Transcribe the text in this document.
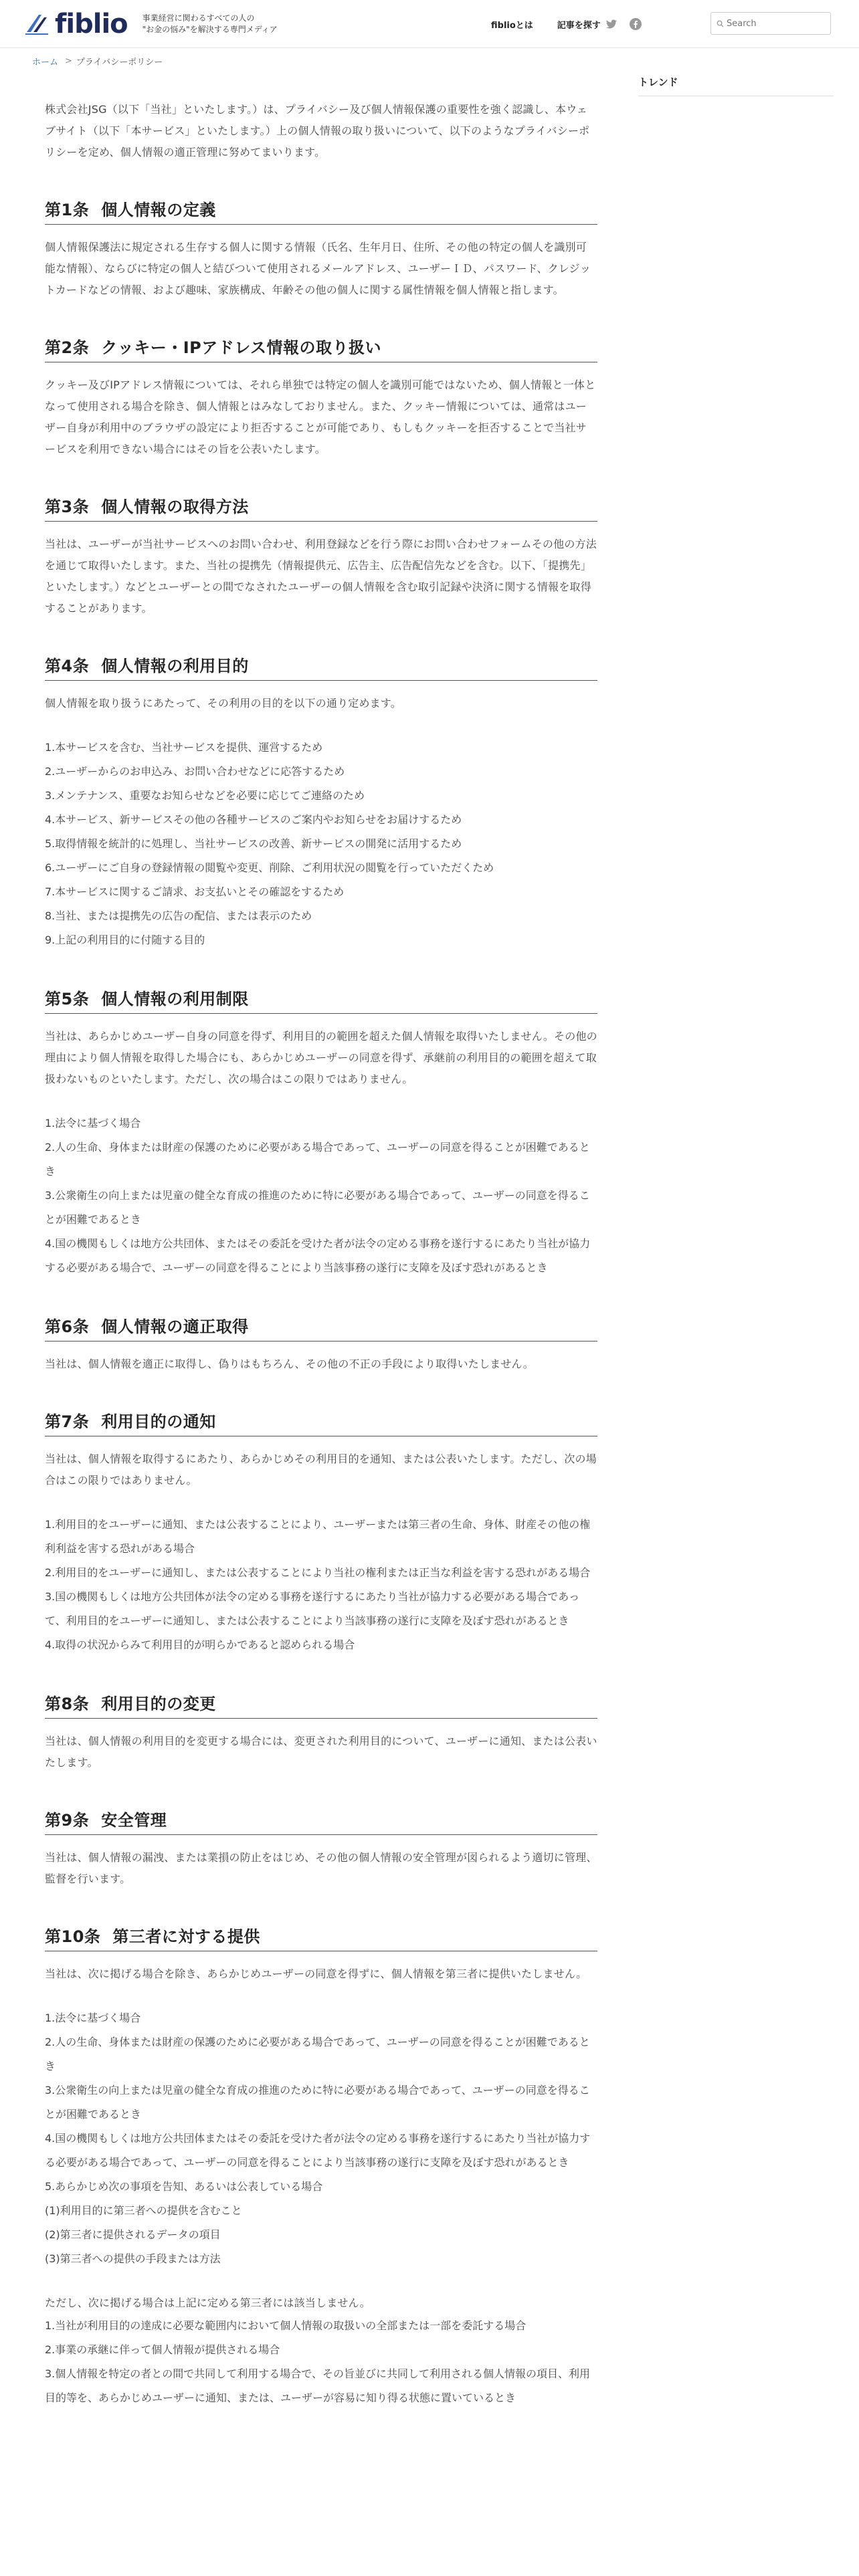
fiblio 事業経営に関わるすべての人の
"お金の悩み"を解決する専門メディア	fiblioとは	記事を探す
Search
ホーム > プライバシーポリシー
トレンド

株式会社JSG（以下「当社」といたします。）は、プライバシー及び個人情報保護の重要性を強く認識し、本ウェブサイト（以下「本サービス」といたします。）上の個人情報の取り扱いについて、以下のようなプライバシーポリシーを定め、個人情報の適正管理に努めてまいります。

第1条 個人情報の定義

個人情報保護法に規定される生存する個人に関する情報（氏名、生年月日、住所、その他の特定の個人を識別可能な情報）、ならびに特定の個人と結びついて使用されるメールアドレス、ユーザーＩＤ、パスワード、クレジットカードなどの情報、および趣味、家族構成、年齢その他の個人に関する属性情報を個人情報と指します。

第2条 クッキー・IPアドレス情報の取り扱い

クッキー及びIPアドレス情報については、それら単独では特定の個人を識別可能ではないため、個人情報と一体となって使用される場合を除き、個人情報とはみなしておりません。また、クッキー情報については、通常はユーザー自身が利用中のブラウザの設定により拒否することが可能であり、もしもクッキーを拒否することで当社サービスを利用できない場合にはその旨を公表いたします。

第3条 個人情報の取得方法

当社は、ユーザーが当社サービスへのお問い合わせ、利用登録などを行う際にお問い合わせフォームその他の方法を通じて取得いたします。また、当社の提携先（情報提供元、広告主、広告配信先などを含む。以下、「提携先」といたします。）などとユーザーとの間でなされたユーザーの個人情報を含む取引記録や決済に関する情報を取得することがあります。

第4条 個人情報の利用目的

個人情報を取り扱うにあたって、その利用の目的を以下の通り定めます。

1.本サービスを含む、当社サービスを提供、運営するため
2.ユーザーからのお申込み、お問い合わせなどに応答するため
3.メンテナンス、重要なお知らせなどを必要に応じてご連絡のため
4.本サービス、新サービスその他の各種サービスのご案内やお知らせをお届けするため
5.取得情報を統計的に処理し、当社サービスの改善、新サービスの開発に活用するため
6.ユーザーにご自身の登録情報の閲覧や変更、削除、ご利用状況の閲覧を行っていただくため
7.本サービスに関するご請求、お支払いとその確認をするため
8.当社、または提携先の広告の配信、または表示のため
9.上記の利用目的に付随する目的
第5条 個人情報の利用制限

当社は、あらかじめユーザー自身の同意を得ず、利用目的の範囲を超えた個人情報を取得いたしません。その他の理由により個人情報を取得した場合にも、あらかじめユーザーの同意を得ず、承継前の利用目的の範囲を超えて取扱わないものといたします。ただし、次の場合はこの限りではありません。

1.法令に基づく場合
2.人の生命、身体または財産の保護のために必要がある場合であって、ユーザーの同意を得ることが困難であるとき
3.公衆衛生の向上または児童の健全な育成の推進のために特に必要がある場合であって、ユーザーの同意を得ることが困難であるとき
4.国の機関もしくは地方公共団体、またはその委託を受けた者が法令の定める事務を遂行するにあたり当社が協力する必要がある場合で、ユーザーの同意を得ることにより当該事務の遂行に支障を及ぼす恐れがあるとき
第6条 個人情報の適正取得

当社は、個人情報を適正に取得し、偽りはもちろん、その他の不正の手段により取得いたしません。

第7条 利用目的の通知

当社は、個人情報を取得するにあたり、あらかじめその利用目的を通知、または公表いたします。ただし、次の場合はこの限りではありません。

1.利用目的をユーザーに通知、または公表することにより、ユーザーまたは第三者の生命、身体、財産その他の権利利益を害する恐れがある場合
2.利用目的をユーザーに通知し、または公表することにより当社の権利または正当な利益を害する恐れがある場合
3.国の機関もしくは地方公共団体が法令の定める事務を遂行するにあたり当社が協力する必要がある場合であって、利用目的をユーザーに通知し、または公表することにより当該事務の遂行に支障を及ぼす恐れがあるとき
4.取得の状況からみて利用目的が明らかであると認められる場合
第8条 利用目的の変更

当社は、個人情報の利用目的を変更する場合には、変更された利用目的について、ユーザーに通知、または公表いたします。

第9条 安全管理

当社は、個人情報の漏洩、または業損の防止をはじめ、その他の個人情報の安全管理が図られるよう適切に管理、監督を行います。

第10条 第三者に対する提供

当社は、次に掲げる場合を除き、あらかじめユーザーの同意を得ずに、個人情報を第三者に提供いたしません。

1.法令に基づく場合
2.人の生命、身体または財産の保護のために必要がある場合であって、ユーザーの同意を得ることが困難であるとき
3.公衆衛生の向上または児童の健全な育成の推進のために特に必要がある場合であって、ユーザーの同意を得ることが困難であるとき
4.国の機関もしくは地方公共団体またはその委託を受けた者が法令の定める事務を遂行するにあたり当社が協力する必要がある場合であって、ユーザーの同意を得ることにより当該事務の遂行に支障を及ぼす恐れがあるとき
5.あらかじめ次の事項を告知、あるいは公表している場合
(1)利用目的に第三者への提供を含むこと
(2)第三者に提供されるデータの項目
(3)第三者への提供の手段または方法

ただし、次に掲げる場合は上記に定める第三者には該当しません。

1.当社が利用目的の達成に必要な範囲内において個人情報の取扱いの全部または一部を委託する場合
2.事業の承継に伴って個人情報が提供される場合
3.個人情報を特定の者との間で共同して利用する場合で、その旨並びに共同して利用される個人情報の項目、利用目的等を、あらかじめユーザーに通知、または、ユーザーが容易に知り得る状態に置いているとき
